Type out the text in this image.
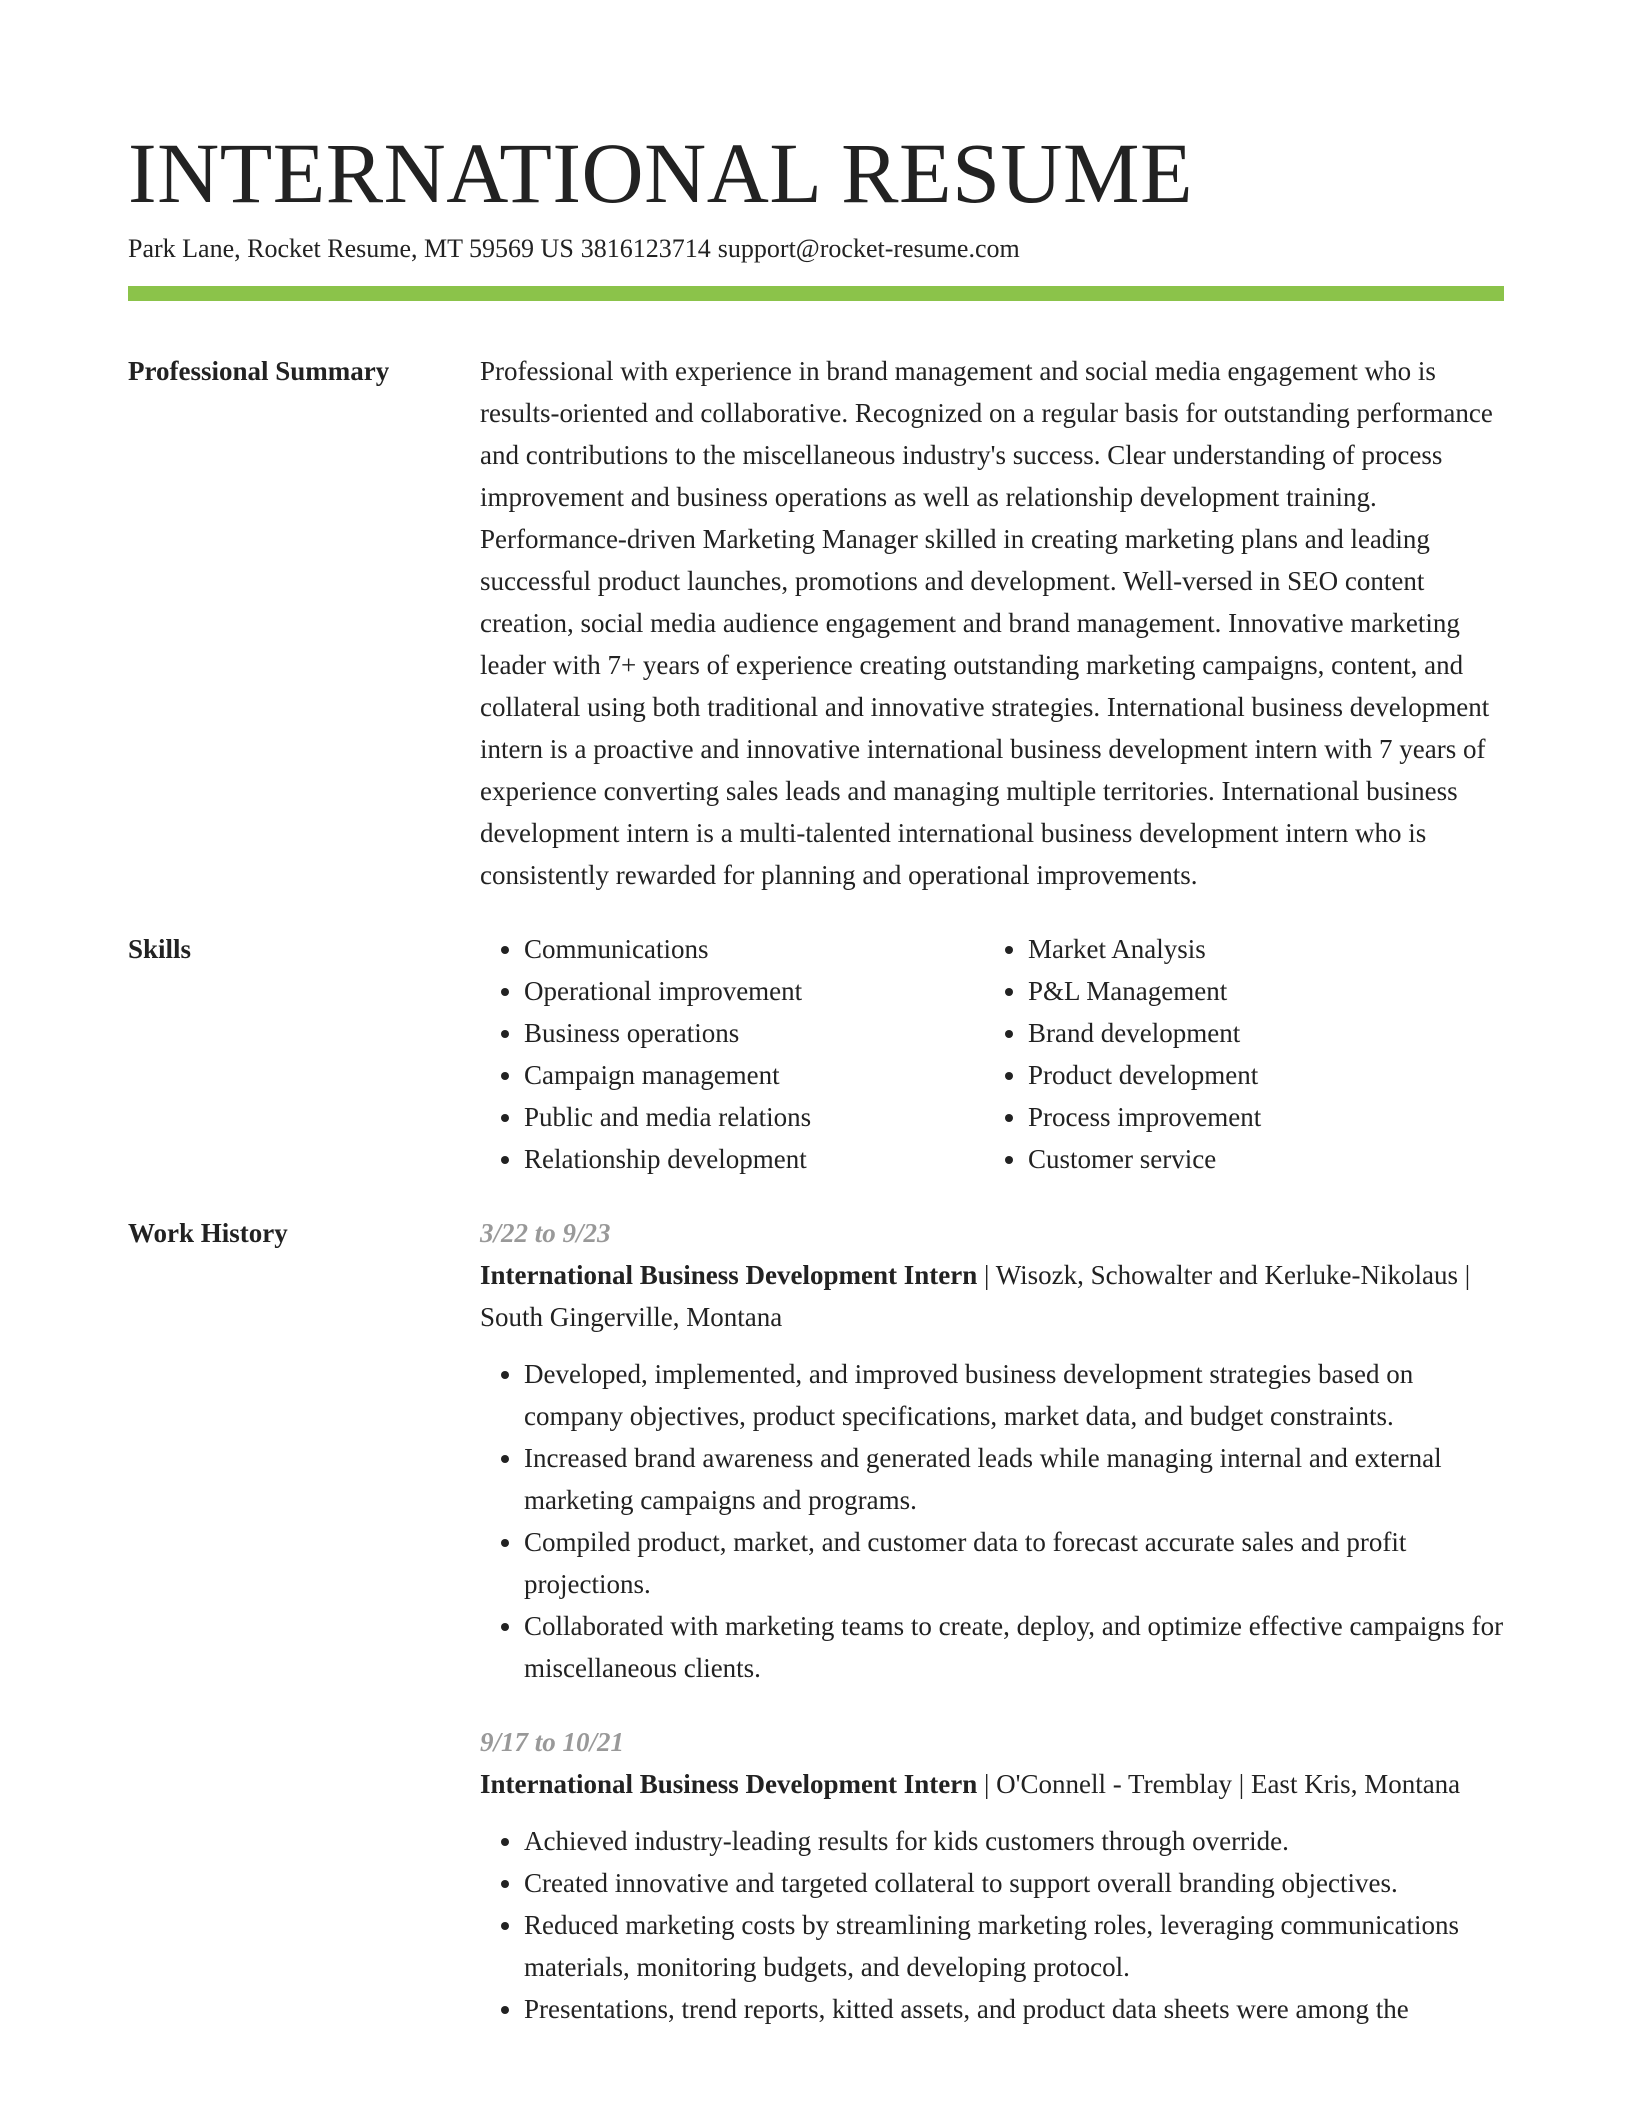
INTERNATIONAL RESUME
Park Lane, Rocket Resume, MT 59569 US 3816123714 support@rocket-resume.com
Professional Summary	Professional with experience in brand management and social media engagement who is results-oriented and collaborative. Recognized on a regular basis for outstanding performance and contributions to the miscellaneous industry's success. Clear understanding of process improvement and business operations as well as relationship development training. Performance-driven Marketing Manager skilled in creating marketing plans and leading successful product launches, promotions and development. Well-versed in SEO content creation, social media audience engagement and brand management. Innovative marketing leader with 7+ years of experience creating outstanding marketing campaigns, content, and collateral using both traditional and innovative strategies. International business development intern is a proactive and innovative international business development intern with 7 years of experience converting sales leads and managing multiple territories. International business development intern is a multi-talented international business development intern who is consistently rewarded for planning and operational improvements.

Skills
•	Communications
• Operational improvement
• Business operations
• Campaign management
• Public and media relations
• Relationship development
• Market Analysis
• P&L Management
• Brand development
• Product development
• Process improvement
• Customer service
Work History	3/22 to 9/23

International Business Development Intern | Wisozk, Schowalter and Kerluke-Nikolaus | South Gingerville, Montana

• Developed, implemented, and improved business development strategies based on company objectives, product specifications, market data, and budget constraints.
• Increased brand awareness and generated leads while managing internal and external marketing campaigns and programs.
• Compiled product, market, and customer data to forecast accurate sales and profit projections.
• Collaborated with marketing teams to create, deploy, and optimize effective campaigns for miscellaneous clients.

9/17 to 10/21

International Business Development Intern | O'Connell - Tremblay | East Kris, Montana

• Achieved industry-leading results for kids customers through override.
• Created innovative and targeted collateral to support overall branding objectives.
• Reduced marketing costs by streamlining marketing roles, leveraging communications materials, monitoring budgets, and developing protocol.
• Presentations, trend reports, kitted assets, and product data sheets were among the
